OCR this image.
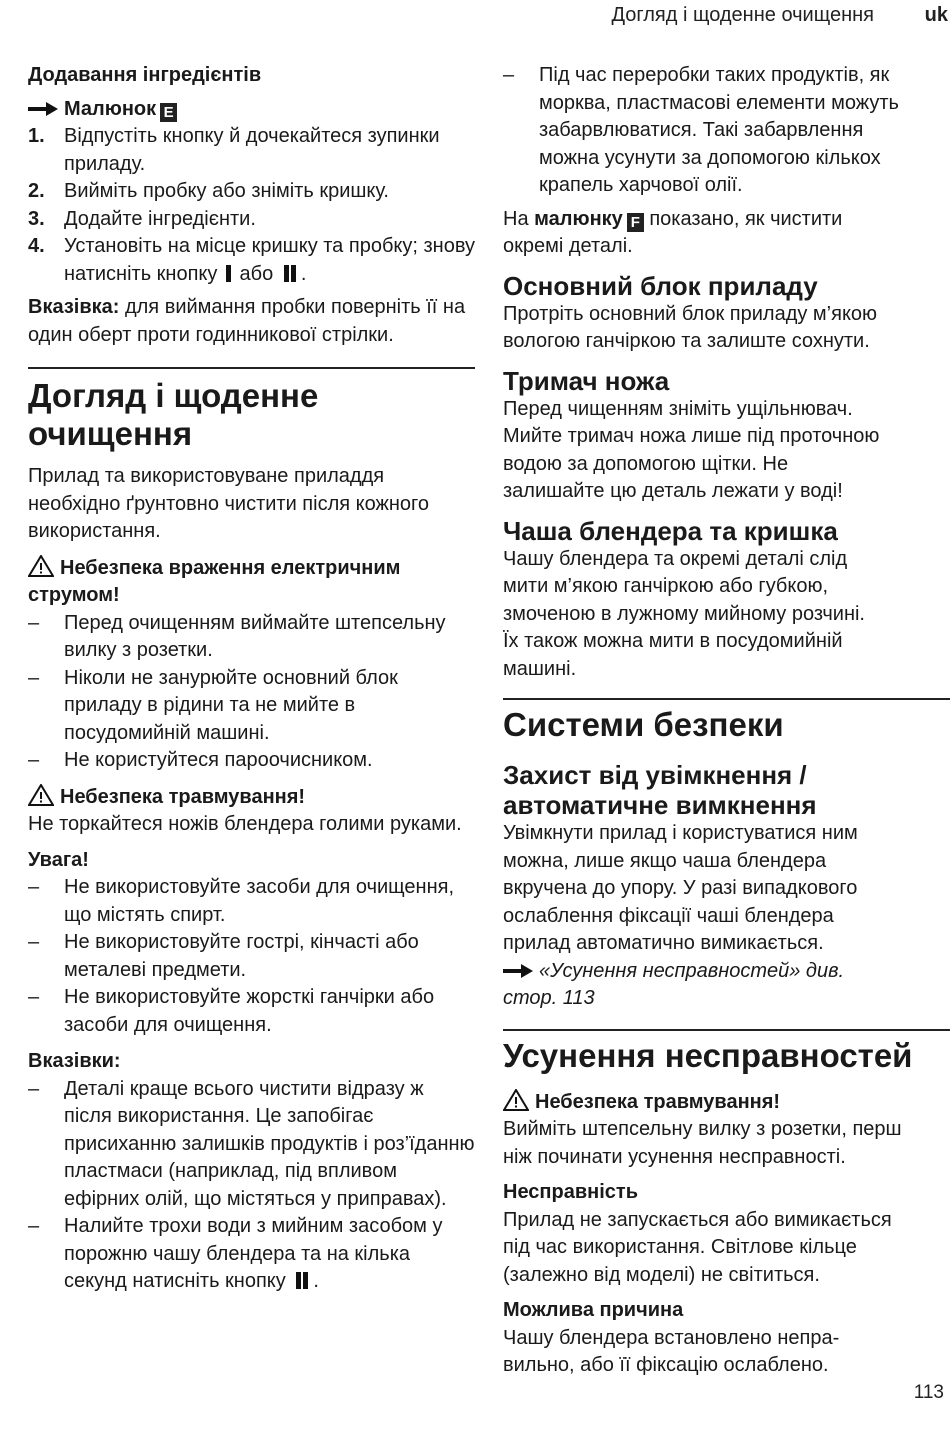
Догляд і щоденне очищення	uk

Додавання інгредієнтів

Малюнок E

1. Відпустіть кнопку й дочекайтеся зупинки приладу.
2. Вийміть пробку або зніміть кришку.
3. Додайте інгредієнти.
4. Установіть на місце кришку та пробку; знову натисніть кнопку або .

Вказівка: для виймання пробки поверніть її на один оберт проти годинникової стрілки.

Догляд і щоденне очищення

Прилад та використовуване приладдя необхідно ґрунтовно чистити після кожного використання.

Небезпека враження електричним струмом!

–	Перед очищенням виймайте штепсельну вилку з розетки.
–	Ніколи не занурюйте основний блок приладу в рідини та не мийте в посудомийній машині.
–	Не користуйтеся пароочисником.

Небезпека травмування!

Не торкайтеся ножів блендера голими руками.

Увага!

–	Не використовуйте засоби для очищення, що містять спирт.
–	Не використовуйте гострі, кінчасті або металеві предмети.
–	Не використовуйте жорсткі ганчірки або засоби для очищення.

Вказівки:

–	Деталі краще всього чистити відразу ж після використання. Це запобігає присиханню залишків продуктів і роз’їданню пластмаси (наприклад, під впливом ефірних олій, що містяться у приправах).
–	Налийте трохи води з мийним засобом у порожню чашу блендера та на кілька секунд натисніть кнопку .
–	Під час переробки таких продуктів, як
морква, пластмасові елементи можуть
забарвлюватися. Такі забарвлення
можна усунути за допомогою кількох
крапель харчової олії.

На малюнку F показано, як чистити

окремі деталі.

Основний блок приладу

Протріть основний блок приладу м’якою

вологою ганчіркою та залиште сохнути.

Тримач ножа

Перед чищенням зніміть ущільнювач.

Мийте тримач ножа лише під проточною

водою за допомогою щітки. Не

залишайте цю деталь лежати у воді!

Чаша блендера та кришка

Чашу блендера та окремі деталі слід

мити м’якою ганчіркою або губкою,

змоченою в лужному мийному розчині.

Їх також можна мити в посудомийній

машині.

Системи безпеки

Захист від увімкнення /

автоматичне вимкнення

Увімкнути прилад і користуватися ним

можна, лише якщо чаша блендера

вкручена до упору. У разі випадкового

ослаблення фіксації чаші блендера

прилад автоматично вимикається.

«Усунення несправностей» див.

стор. 113

Усунення несправностей

Небезпека травмування!

Вийміть штепсельну вилку з розетки, перш

ніж починати усунення несправності.

Несправність

Прилад не запускається або вимикається

під час використання. Світлове кільце

(залежно від моделі) не світиться.

Можлива причина

Чашу блендера встановлено непра-

вильно, або її фіксацію ослаблено.

113
